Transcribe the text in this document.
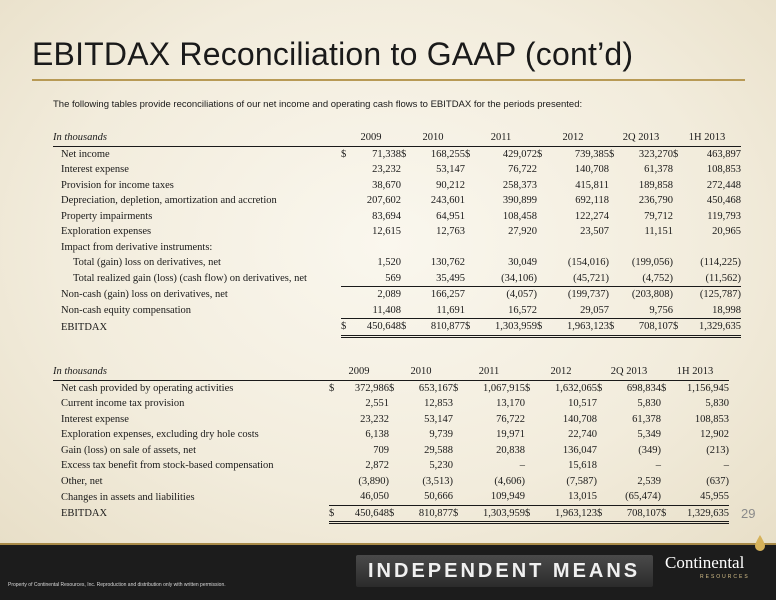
EBITDAX Reconciliation to GAAP (cont’d)
The following tables provide reconciliations of our net income and operating cash flows to EBITDAX for the periods presented:
In thousands	2009		2010		2011		2012		2Q 2013		1H 2013	
Net income	$	71,338	$	168,255	$	429,072	$	739,385	$	323,270	$	463,897
Interest expense		23,232		53,147		76,722		140,708		61,378		108,853
Provision for income taxes		38,670		90,212		258,373		415,811		189,858		272,448
Depreciation, depletion, amortization and accretion		207,602		243,601		390,899		692,118		236,790		450,468
Property impairments		83,694		64,951		108,458		122,274		79,712		119,793
Exploration expenses		12,615		12,763		27,920		23,507		11,151		20,965
Impact from derivative instruments:												
Total (gain) loss on derivatives, net		1,520		130,762		30,049		(154,016)		(199,056)		(114,225)
Total realized gain (loss) (cash flow) on derivatives, net		569		35,495		(34,106)		(45,721)		(4,752)		(11,562)
Non-cash (gain) loss on derivatives, net		2,089		166,257		(4,057)		(199,737)		(203,808)		(125,787)
Non-cash equity compensation		11,408		11,691		16,572		29,057		9,756		18,998
EBITDAX	$	450,648	$	810,877	$	1,303,959	$	1,963,123	$	708,107	$	1,329,635
In thousands	2009		2010		2011		2012		2Q 2013		1H 2013	
Net cash provided by operating activities	$	372,986	$	653,167	$	1,067,915	$	1,632,065	$	698,834	$	1,156,945
Current income tax provision		2,551		12,853		13,170		10,517		5,830		5,830
Interest expense		23,232		53,147		76,722		140,708		61,378		108,853
Exploration expenses, excluding dry hole costs		6,138		9,739		19,971		22,740		5,349		12,902
Gain (loss) on sale of assets, net		709		29,588		20,838		136,047		(349)		(213)
Excess tax benefit from stock-based compensation		2,872		5,230		–		15,618		–		–
Other, net		(3,890)		(3,513)		(4,606)		(7,587)		2,539		(637)
Changes in assets and liabilities		46,050		50,666		109,949		13,015		(65,474)		45,955
EBITDAX	$	450,648	$	810,877	$	1,303,959	$	1,963,123	$	708,107	$	1,329,635 29
INDEPENDENT MEANS Continental
RESOURCES
Property of Continental Resources, Inc. Reproduction and distribution only with written permission.
